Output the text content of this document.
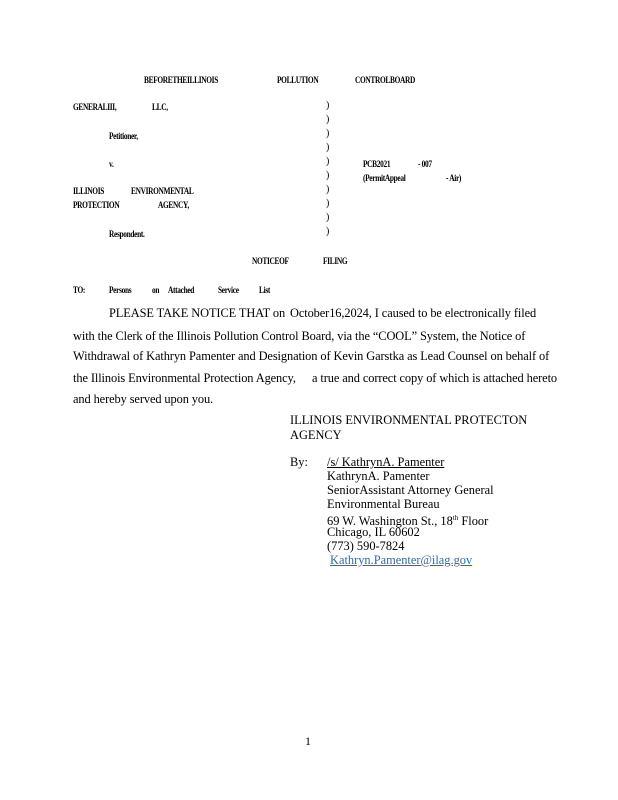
BEFORETHEILLINOIS	POLLUTION	CONTROLBOARD
GENERALIII,	LLC,
Petitioner,
v.
ILLINOIS	ENVIRONMENTAL
PROTECTION	AGENCY,
Respondent.
)
)
)
)
)
)
)
)
)
)
PCB2021	- 007
(PermitAppeal	- Air)
NOTICEOF	FILING
TO:	Persons on Attached	Service List
PLEASE TAKE NOTICE THAT on October16,2024, I caused to be electronically filed
with the Clerk of the Illinois Pollution Control Board, via the “COOL” System, the Notice of
Withdrawal of Kathryn Pamenter and Designation of Kevin Garstka as Lead Counsel on behalf of
the Illinois Environmental Protection Agency, a true and correct copy of which is attached hereto
and hereby served upon you.
ILLINOIS ENVIRONMENTAL PROTECTON
AGENCY
By: /s/ KathrynA. Pamenter
KathrynA. Pamenter
SeniorAssistant Attorney General
Environmental Bureau
69 W. Washington St., 18th Floor
Chicago, IL 60602
(773) 590-7824
Kathryn.Pamenter@ilag.gov
1
